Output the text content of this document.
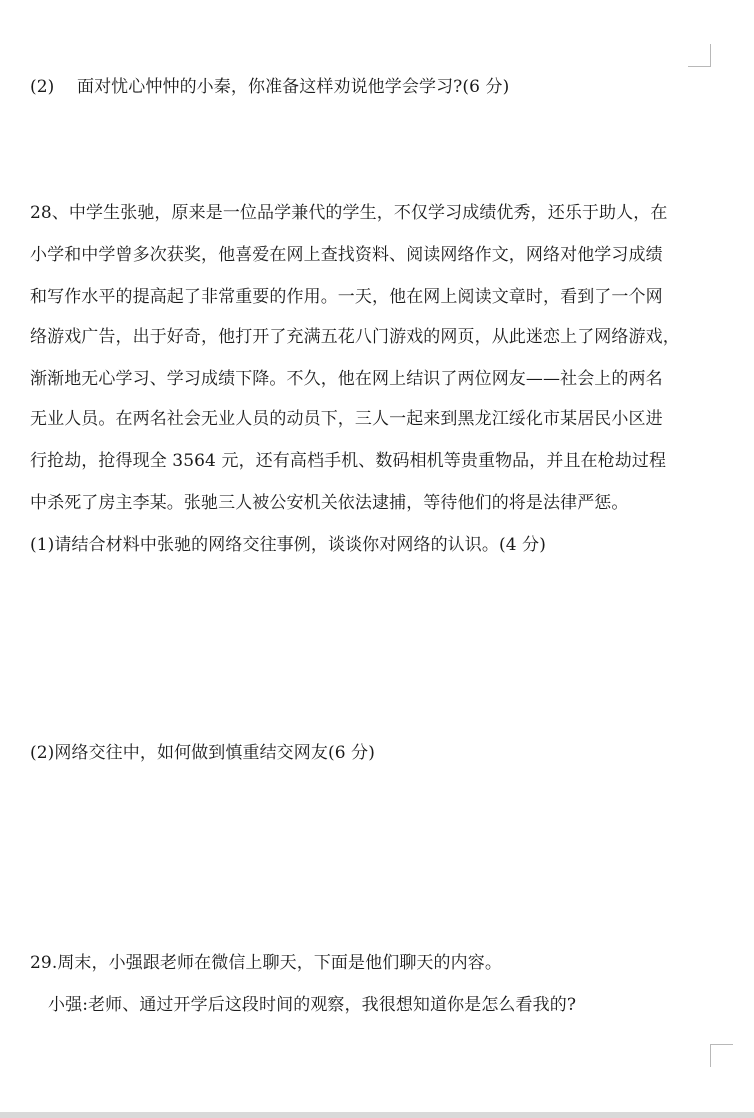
(2)　 面对忧心忡忡的小秦，你准备这样劝说他学会学习?(6 分)
28、中学生张驰，原来是一位品学兼代的学生，不仅学习成绩优秀，还乐于助人，在
小学和中学曾多次获奖，他喜爱在网上查找资料、阅读网络作文，网络对他学习成绩
和写作水平的提高起了非常重要的作用。一天，他在网上阅读文章时，看到了一个网
络游戏广告，出于好奇，他打开了充满五花八门游戏的网页，从此迷恋上了网络游戏，
渐渐地无心学习、学习成绩下降。不久，他在网上结识了两位网友——社会上的两名
无业人员。在两名社会无业人员的动员下，三人一起来到黑龙江绥化市某居民小区进
行抢劫，抢得现全 3564 元，还有高档手机、数码相机等贵重物品，并且在枪劫过程
中杀死了房主李某。张驰三人被公安机关依法逮捕，等待他们的将是法律严惩。
(1)请结合材料中张驰的网络交往事例，谈谈你对网络的认识。(4 分)
(2)网络交往中，如何做到慎重结交网友(6 分)
29.周末，小强跟老师在微信上聊天，下面是他们聊天的内容。
小强:老师、通过开学后这段时间的观察，我很想知道你是怎么看我的?
